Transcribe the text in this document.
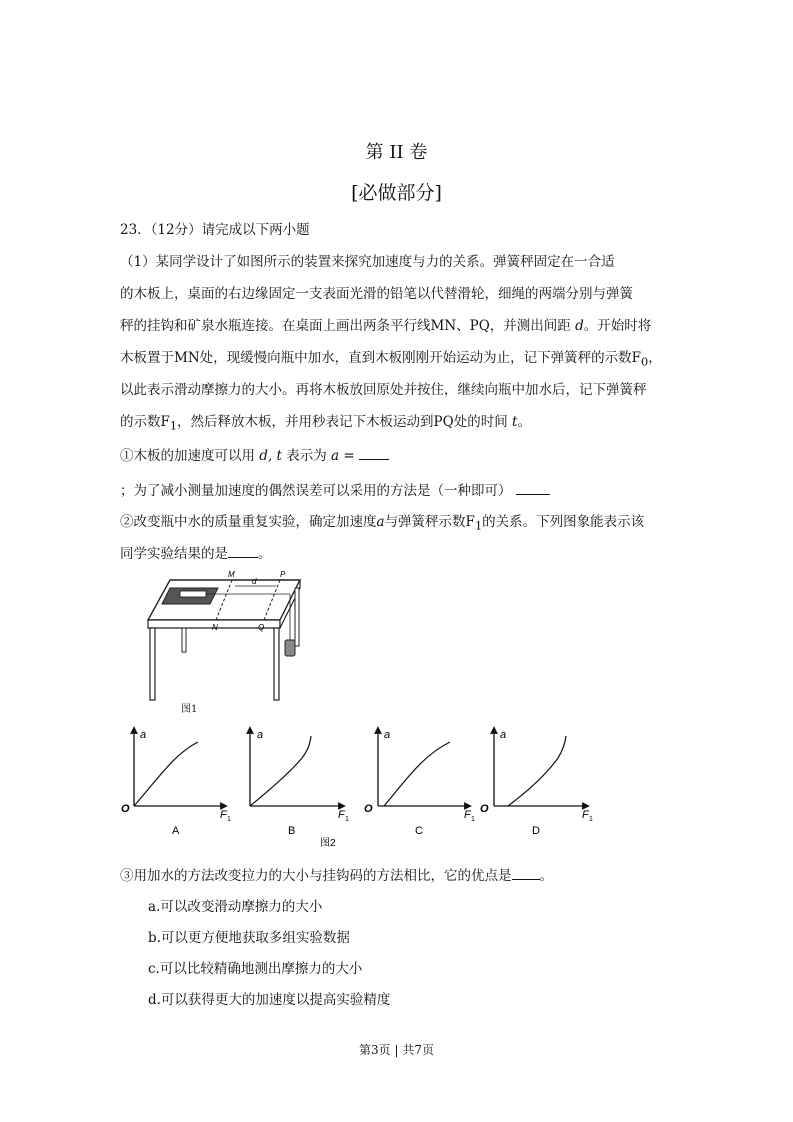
第 II 卷
[必做部分]
23．（12分）请完成以下两小题
（1）某同学设计了如图所示的装置来探究加速度与力的关系。弹簧秤固定在一合适
的木板上，桌面的右边缘固定一支表面光滑的铅笔以代替滑轮，细绳的两端分别与弹簧
秤的挂钩和矿泉水瓶连接。在桌面上画出两条平行线MN、PQ，并测出间距 d。开始时将
木板置于MN处，现缓慢向瓶中加水，直到木板刚刚开始运动为止，记下弹簧秤的示数$F_0$，
以此表示滑动摩擦力的大小。再将木板放回原处并按住，继续向瓶中加水后，记下弹簧秤
的示数$F_1$，然后释放木板，并用秒表记下木板运动到PQ处的时间 t。
①木板的加速度可以用 d, t 表示为 a =
；为了减小测量加速度的偶然误差可以采用的方法是（一种即可）
②改变瓶中水的质量重复实验，确定加速度a与弹簧秤示数$F_1$的关系。下列图象能表示该
同学实验结果的是 。
M	P
d
N	Q
图1
a
O	F 1
A
a
F 1
B
a
O	F 1
C
a
O	F 1
D
图2
③用加水的方法改变拉力的大小与挂钩码的方法相比，它的优点是 。
a.可以改变滑动摩擦力的大小
b.可以更方便地获取多组实验数据
c.可以比较精确地测出摩擦力的大小
d.可以获得更大的加速度以提高实验精度
第3页 | 共7页
